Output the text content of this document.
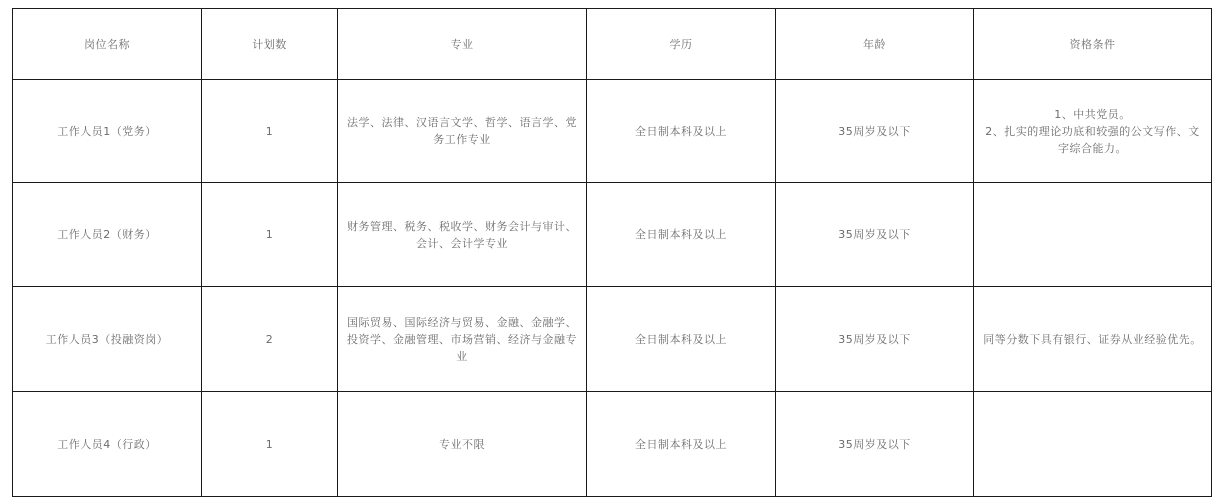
岗位名称	计划数	专业	学历	年龄	资格条件
工作人员1（党务）	1	法学、法律、汉语言文学、哲学、语言学、党务工作专业	全日制本科及以上	35周岁及以下	1、中共党员。
2、扎实的理论功底和较强的公文写作、文字综合能力。

工作人员2（财务）	1	财务管理、税务、税收学、财务会计与审计、会计、会计学专业	全日制本科及以上	35周岁及以下	
工作人员3（投融资岗）	2	国际贸易、国际经济与贸易、金融、金融学、投资学、金融管理、市场营销、经济与金融专业	全日制本科及以上	35周岁及以下	同等分数下具有银行、证券从业经验优先。
工作人员4（行政）	1	专业不限	全日制本科及以上	35周岁及以下	
